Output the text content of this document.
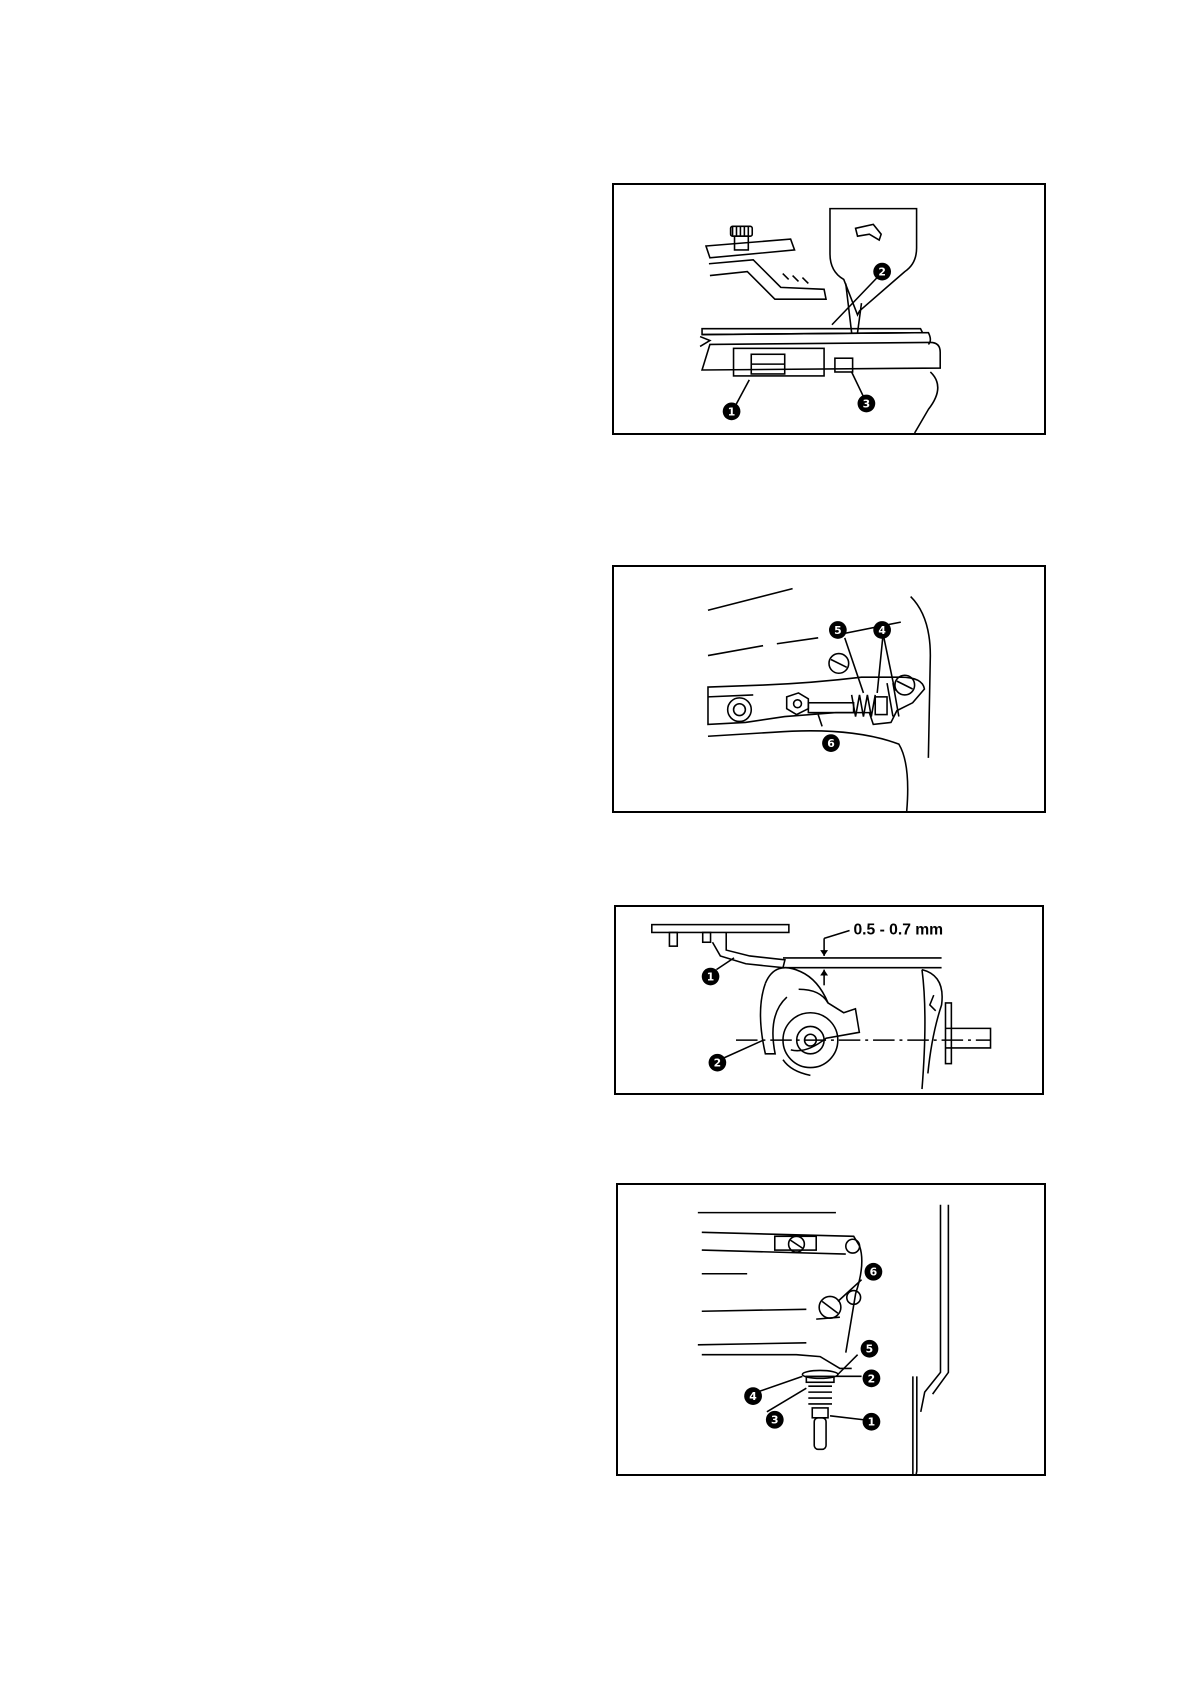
1
2
3
5	4
6
0.5 - 0.7 mm
1
2
6
5
2
4
3	1
